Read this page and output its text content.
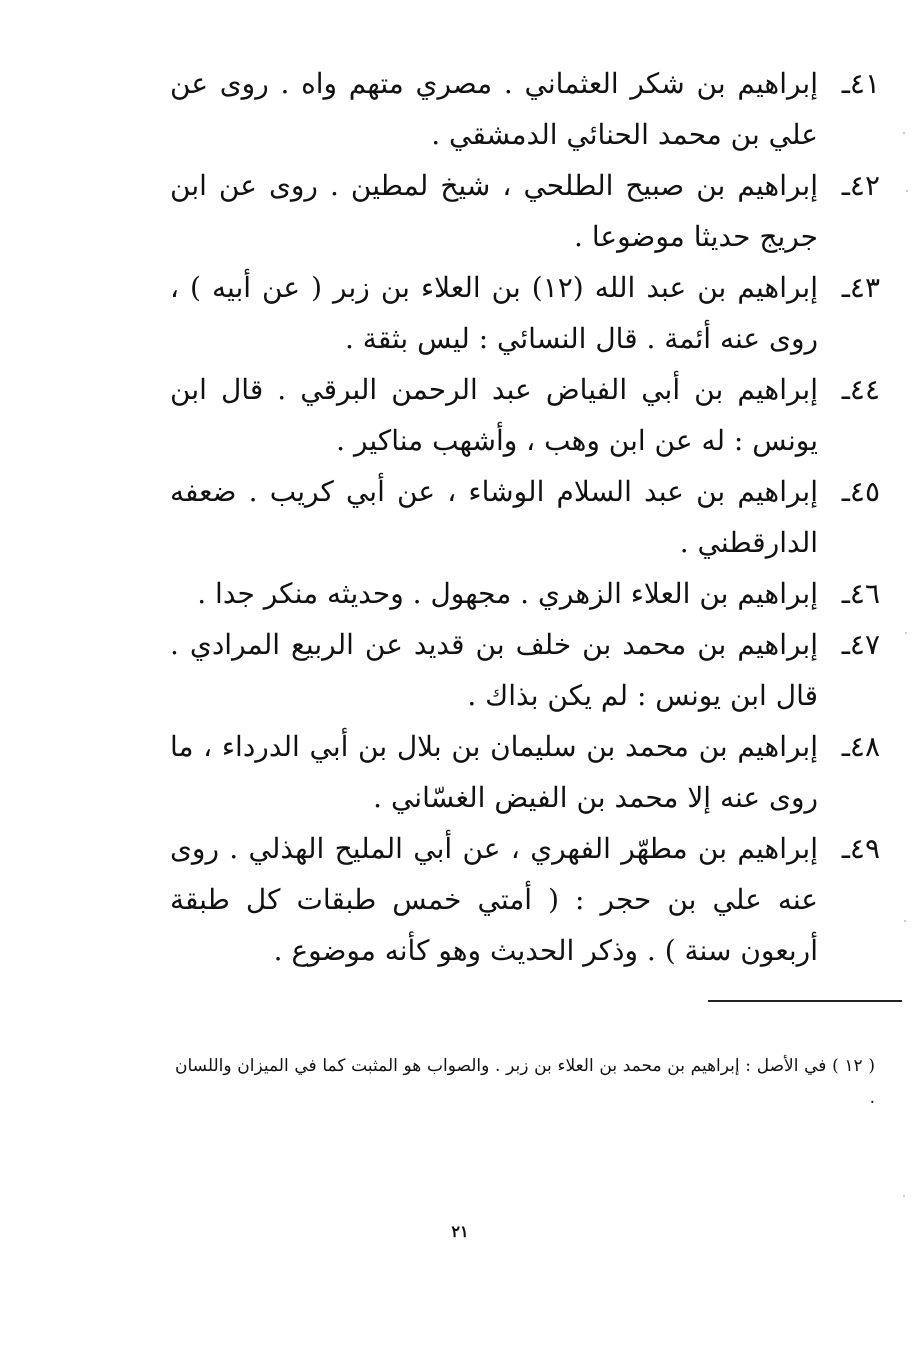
٤١ـ
إبراهيم بن شكر العثماني . مصري متهم واه . روى عن علي بن محمد الحنائي الدمشقي .
٤٢ـ
إبراهيم بن صبيح الطلحي ، شيخ لمطين . روى عن ابن جريج حديثا موضوعا .
٤٣ـ
إبراهيم بن عبد الله (١٢) بن العلاء بن زبر ( عن أبيه ) ، روى عنه أئمة . قال النسائي : ليس بثقة .
٤٤ـ
إبراهيم بن أبي الفياض عبد الرحمن البرقي . قال ابن يونس : له عن ابن وهب ، وأشهب مناكير .
٤٥ـ
إبراهيم بن عبد السلام الوشاء ، عن أبي كريب . ضعفه الدارقطني .
٤٦ـ
إبراهيم بن العلاء الزهري . مجهول . وحديثه منكر جدا .
٤٧ـ
إبراهيم بن محمد بن خلف بن قديد عن الربيع المرادي . قال ابن يونس : لم يكن بذاك .
٤٨ـ
إبراهيم بن محمد بن سليمان بن بلال بن أبي الدرداء ، ما روى عنه إلا محمد بن الفيض الغسّاني .
٤٩ـ
إبراهيم بن مطهّر الفهري ، عن أبي المليح الهذلي . روى عنه علي بن حجر : ( أمتي خمس طبقات كل طبقة أربعون سنة ) . وذكر الحديث وهو كأنه موضوع .
( ١٢ ) في الأصل : إبراهيم بن محمد بن العلاء بن زبر . والصواب هو المثبت كما في الميزان واللسان .
٢١
